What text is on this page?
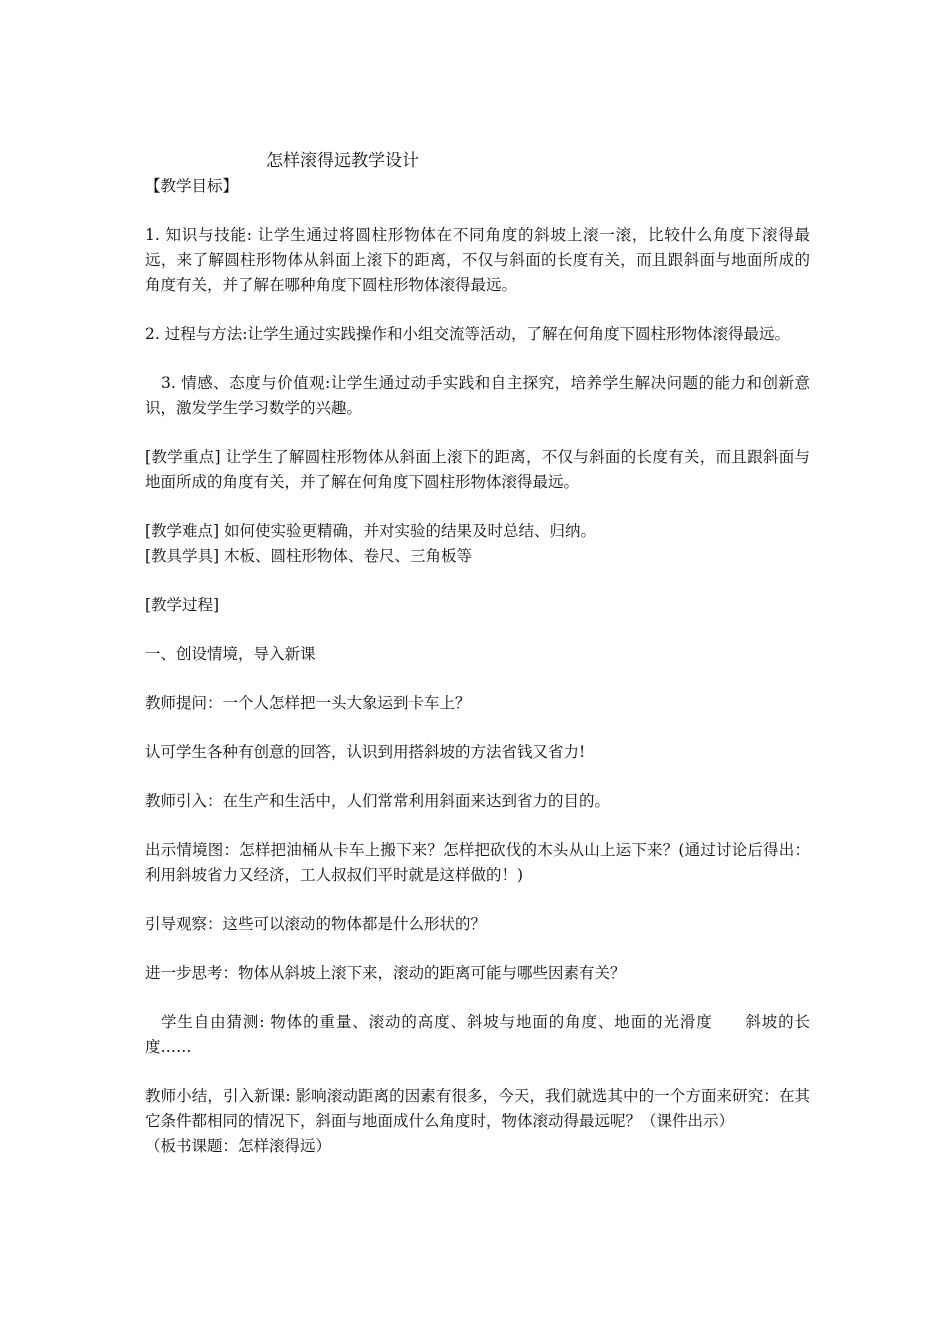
怎样滚得远教学设计

【教学目标】

1. 知识与技能: 让学生通过将圆柱形物体在不同角度的斜坡上滚一滚，比较什么角度下滚得最远，来了解圆柱形物体从斜面上滚下的距离，不仅与斜面的长度有关，而且跟斜面与地面所成的角度有关，并了解在哪种角度下圆柱形物体滚得最远。

2. 过程与方法:让学生通过实践操作和小组交流等活动，了解在何角度下圆柱形物体滚得最远。

3. 情感、态度与价值观:让学生通过动手实践和自主探究，培养学生解决问题的能力和创新意识，激发学生学习数学的兴趣。

[教学重点] 让学生了解圆柱形物体从斜面上滚下的距离，不仅与斜面的长度有关，而且跟斜面与地面所成的角度有关，并了解在何角度下圆柱形物体滚得最远。

[教学难点] 如何使实验更精确，并对实验的结果及时总结、归纳。

[教具学具] 木板、圆柱形物体、卷尺、三角板等

[教学过程]

一、创设情境，导入新课

教师提问：一个人怎样把一头大象运到卡车上？

认可学生各种有创意的回答，认识到用搭斜坡的方法省钱又省力!

教师引入：在生产和生活中，人们常常利用斜面来达到省力的目的。

出示情境图：怎样把油桶从卡车上搬下来？怎样把砍伐的木头从山上运下来？(通过讨论后得出：利用斜坡省力又经济，工人叔叔们平时就是这样做的！)

引导观察：这些可以滚动的物体都是什么形状的？

进一步思考：物体从斜坡上滚下来，滚动的距离可能与哪些因素有关？

学生自由猜测: 物体的重量、滚动的高度、斜坡与地面的角度、地面的光滑度　　斜坡的长度……

教师小结，引入新课: 影响滚动距离的因素有很多，今天，我们就选其中的一个方面来研究：在其它条件都相同的情况下，斜面与地面成什么角度时，物体滚动得最远呢？（课件出示）

（板书课题：怎样滚得远）
